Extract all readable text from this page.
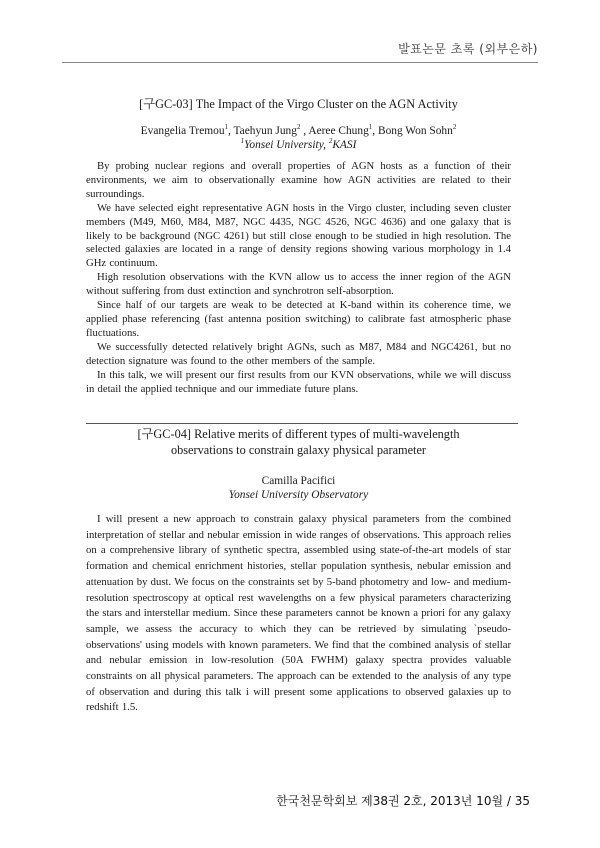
발표논문 초록 (외부은하)

[구GC-03] The Impact of the Virgo Cluster on the AGN Activity

Evangelia Tremou$^1$, Taehyun Jung$^2$ , Aeree Chung$^1$, Bong Won Sohn$^2$

$^1$Yonsei University, $^2$KASI

By probing nuclear regions and overall properties of AGN hosts as a function of their environments, we aim to observationally examine how AGN activities are related to their surroundings.

We have selected eight representative AGN hosts in the Virgo cluster, including seven cluster members (M49, M60, M84, M87, NGC 4435, NGC 4526, NGC 4636) and one galaxy that is likely to be background (NGC 4261) but still close enough to be studied in high resolution. The selected galaxies are located in a range of density regions showing various morphology in 1.4 GHz continuum.

High resolution observations with the KVN allow us to access the inner region of the AGN without suffering from dust extinction and synchrotron self-absorption.

Since half of our targets are weak to be detected at K-band within its coherence time, we applied phase referencing (fast antenna position switching) to calibrate fast atmospheric phase fluctuations.

We successfully detected relatively bright AGNs, such as M87, M84 and NGC4261, but no detection signature was found to the other members of the sample.

In this talk, we will present our first results from our KVN observations, while we will discuss in detail the applied technique and our immediate future plans.

[구GC-04] Relative merits of different types of multi-wavelength

observations to constrain galaxy physical parameter

Camilla Pacifici

Yonsei University Observatory

I will present a new approach to constrain galaxy physical parameters from the combined interpretation of stellar and nebular emission in wide ranges of observations. This approach relies on a comprehensive library of synthetic spectra, assembled using state-of-the-art models of star formation and chemical enrichment histories, stellar population synthesis, nebular emission and attenuation by dust. We focus on the constraints set by 5-band photometry and low- and medium-resolution spectroscopy at optical rest wavelengths on a few physical parameters characterizing the stars and interstellar medium. Since these parameters cannot be known a priori for any galaxy sample, we assess the accuracy to which they can be retrieved by simulating `pseudo-observations' using models with known parameters. We find that the combined analysis of stellar and nebular emission in low-resolution (50A FWHM) galaxy spectra provides valuable constraints on all physical parameters. The approach can be extended to the analysis of any type of observation and during this talk i will present some applications to observed galaxies up to redshift 1.5.

한국천문학회보 제38권 2호, 2013년 10월 / 35
